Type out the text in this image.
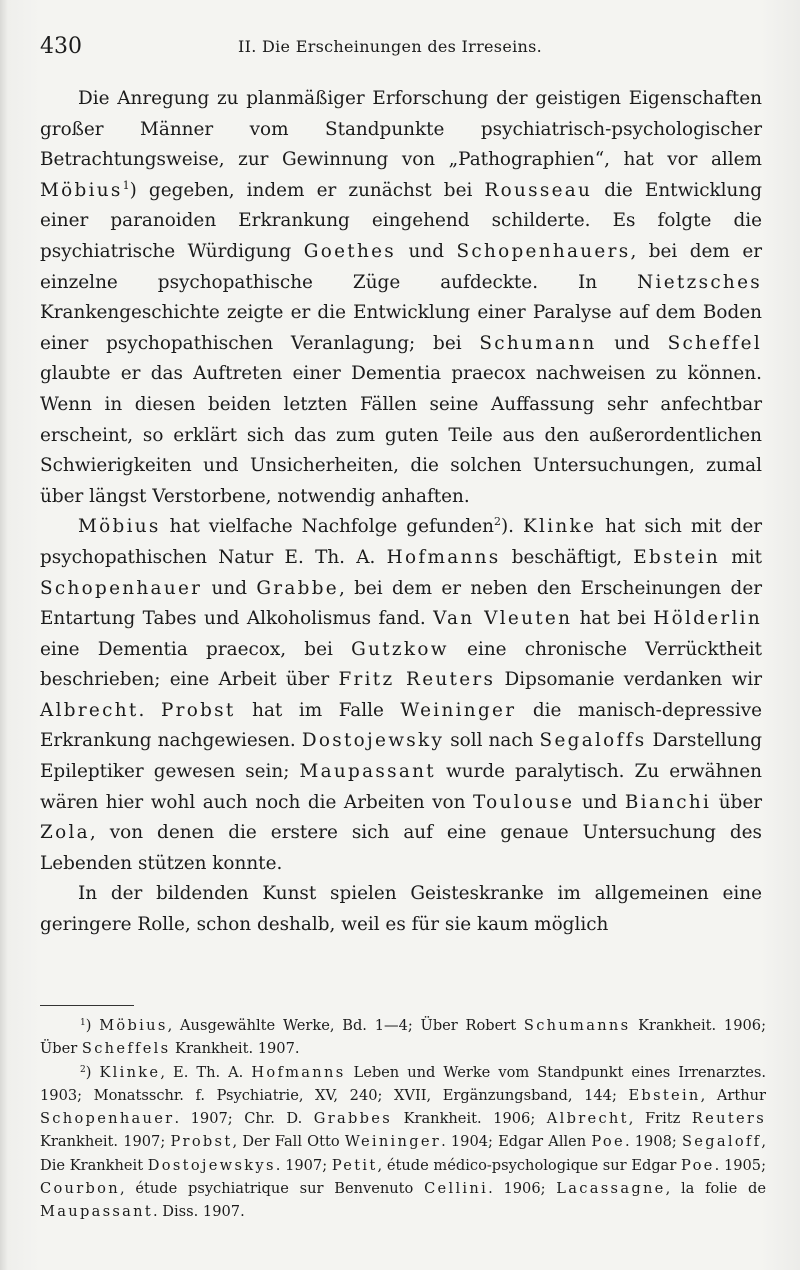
430	II. Die Erscheinungen des Irreseins.

Die Anregung zu planmäßiger Erforschung der geistigen Eigenschaften großer Männer vom Standpunkte psychiatrisch-psychologischer Betrachtungsweise, zur Gewinnung von „Pathographien“, hat vor allem Möbius$^1$) gegeben, indem er zunächst bei Rousseau die Entwicklung einer paranoiden Erkrankung eingehend schilderte. Es folgte die psychiatrische Würdigung Goethes und Schopenhauers, bei dem er einzelne psychopathische Züge aufdeckte. In Nietzsches Krankengeschichte zeigte er die Entwicklung einer Paralyse auf dem Boden einer psychopathischen Veranlagung; bei Schumann und Scheffel glaubte er das Auftreten einer Dementia praecox nachweisen zu können. Wenn in diesen beiden letzten Fällen seine Auffassung sehr anfechtbar erscheint, so erklärt sich das zum guten Teile aus den außerordentlichen Schwierigkeiten und Unsicherheiten, die solchen Untersuchungen, zumal über längst Verstorbene, notwendig anhaften.

Möbius hat vielfache Nachfolge gefunden$^2$). Klinke hat sich mit der psychopathischen Natur E. Th. A. Hofmanns beschäftigt, Ebstein mit Schopenhauer und Grabbe, bei dem er neben den Erscheinungen der Entartung Tabes und Alkoholismus fand. Van Vleuten hat bei Hölderlin eine Dementia praecox, bei Gutzkow eine chronische Verrücktheit beschrieben; eine Arbeit über Fritz Reuters Dipsomanie verdanken wir Albrecht. Probst hat im Falle Weininger die manisch-depressive Erkrankung nachgewiesen. Dostojewsky soll nach Segaloffs Darstellung Epileptiker gewesen sein; Maupassant wurde paralytisch. Zu erwähnen wären hier wohl auch noch die Arbeiten von Toulouse und Bianchi über Zola, von denen die erstere sich auf eine genaue Untersuchung des Lebenden stützen konnte.

In der bildenden Kunst spielen Geisteskranke im allgemeinen eine geringere Rolle, schon deshalb, weil es für sie kaum möglich

$^1$) Möbius, Ausgewählte Werke, Bd. 1—4; Über Robert Schumanns Krankheit. 1906; Über Scheffels Krankheit. 1907.

$^2$) Klinke, E. Th. A. Hofmanns Leben und Werke vom Standpunkt eines Irrenarztes. 1903; Monatsschr. f. Psychiatrie, XV, 240; XVII, Ergänzungsband, 144; Ebstein, Arthur Schopenhauer. 1907; Chr. D. Grabbes Krankheit. 1906; Albrecht, Fritz Reuters Krankheit. 1907; Probst, Der Fall Otto Weininger. 1904; Edgar Allen Poe. 1908; Segaloff, Die Krankheit Dostojewskys. 1907; Petit, étude médico-psychologique sur Edgar Poe. 1905; Courbon, étude psychiatrique sur Benvenuto Cellini. 1906; Lacassagne, la folie de Maupassant. Diss. 1907.
